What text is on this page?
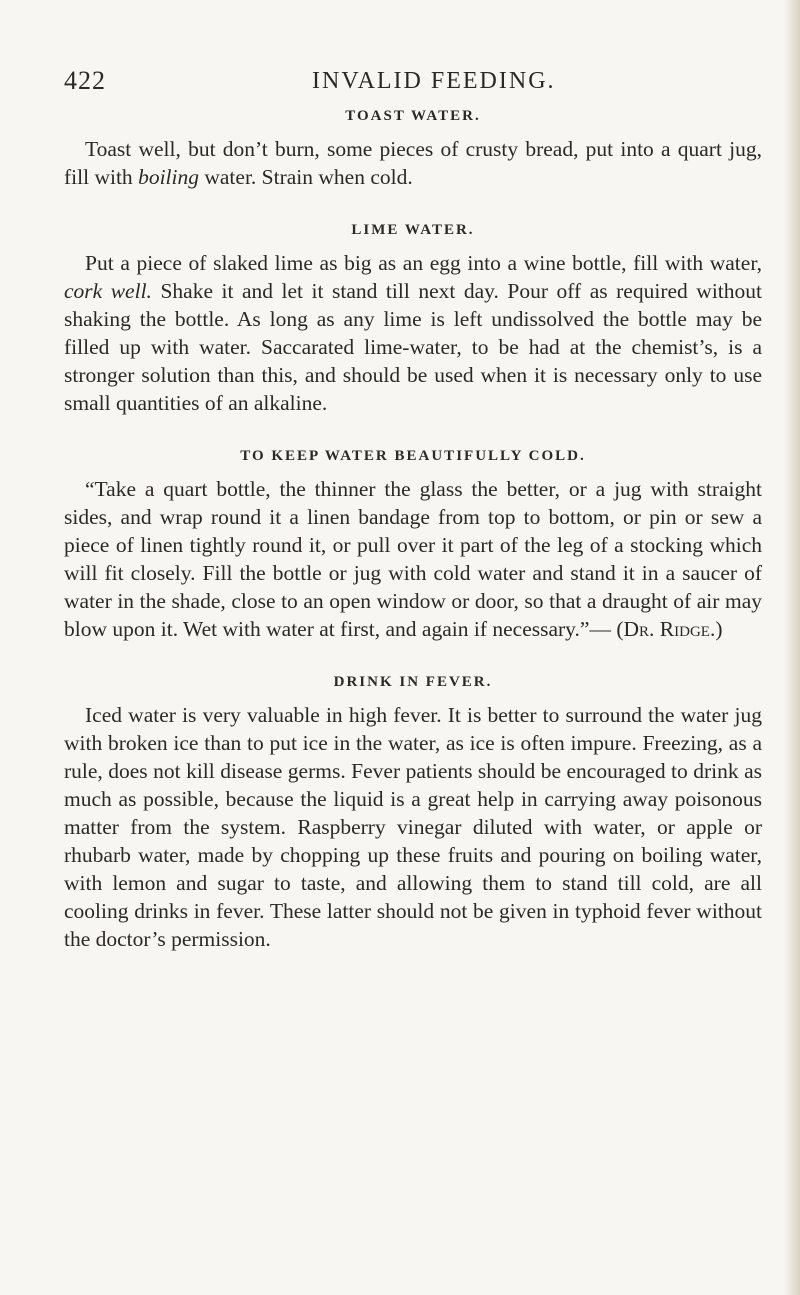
422	INVALID FEEDING.
TOAST WATER.

Toast well, but don’t burn, some pieces of crusty bread, put into a quart jug, fill with boiling water. Strain when cold.

LIME WATER.

Put a piece of slaked lime as big as an egg into a wine bottle, fill with water, cork well. Shake it and let it stand till next day. Pour off as required without shaking the bottle. As long as any lime is left undissolved the bottle may be filled up with water. Saccarated lime-water, to be had at the chemist’s, is a stronger solution than this, and should be used when it is necessary only to use small quantities of an alkaline.

TO KEEP WATER BEAUTIFULLY COLD.

“Take a quart bottle, the thinner the glass the better, or a jug with straight sides, and wrap round it a linen bandage from top to bottom, or pin or sew a piece of linen tightly round it, or pull over it part of the leg of a stocking which will fit closely. Fill the bottle or jug with cold water and stand it in a saucer of water in the shade, close to an open window or door, so that a draught of air may blow upon it. Wet with water at first, and again if necessary.”— (Dr. Ridge.)

DRINK IN FEVER.

Iced water is very valuable in high fever. It is better to surround the water jug with broken ice than to put ice in the water, as ice is often impure. Freezing, as a rule, does not kill disease germs. Fever patients should be encouraged to drink as much as possible, because the liquid is a great help in carrying away poisonous matter from the system. Raspberry vinegar diluted with water, or apple or rhubarb water, made by chopping up these fruits and pouring on boiling water, with lemon and sugar to taste, and allowing them to stand till cold, are all cooling drinks in fever. These latter should not be given in typhoid fever without the doctor’s permission.
